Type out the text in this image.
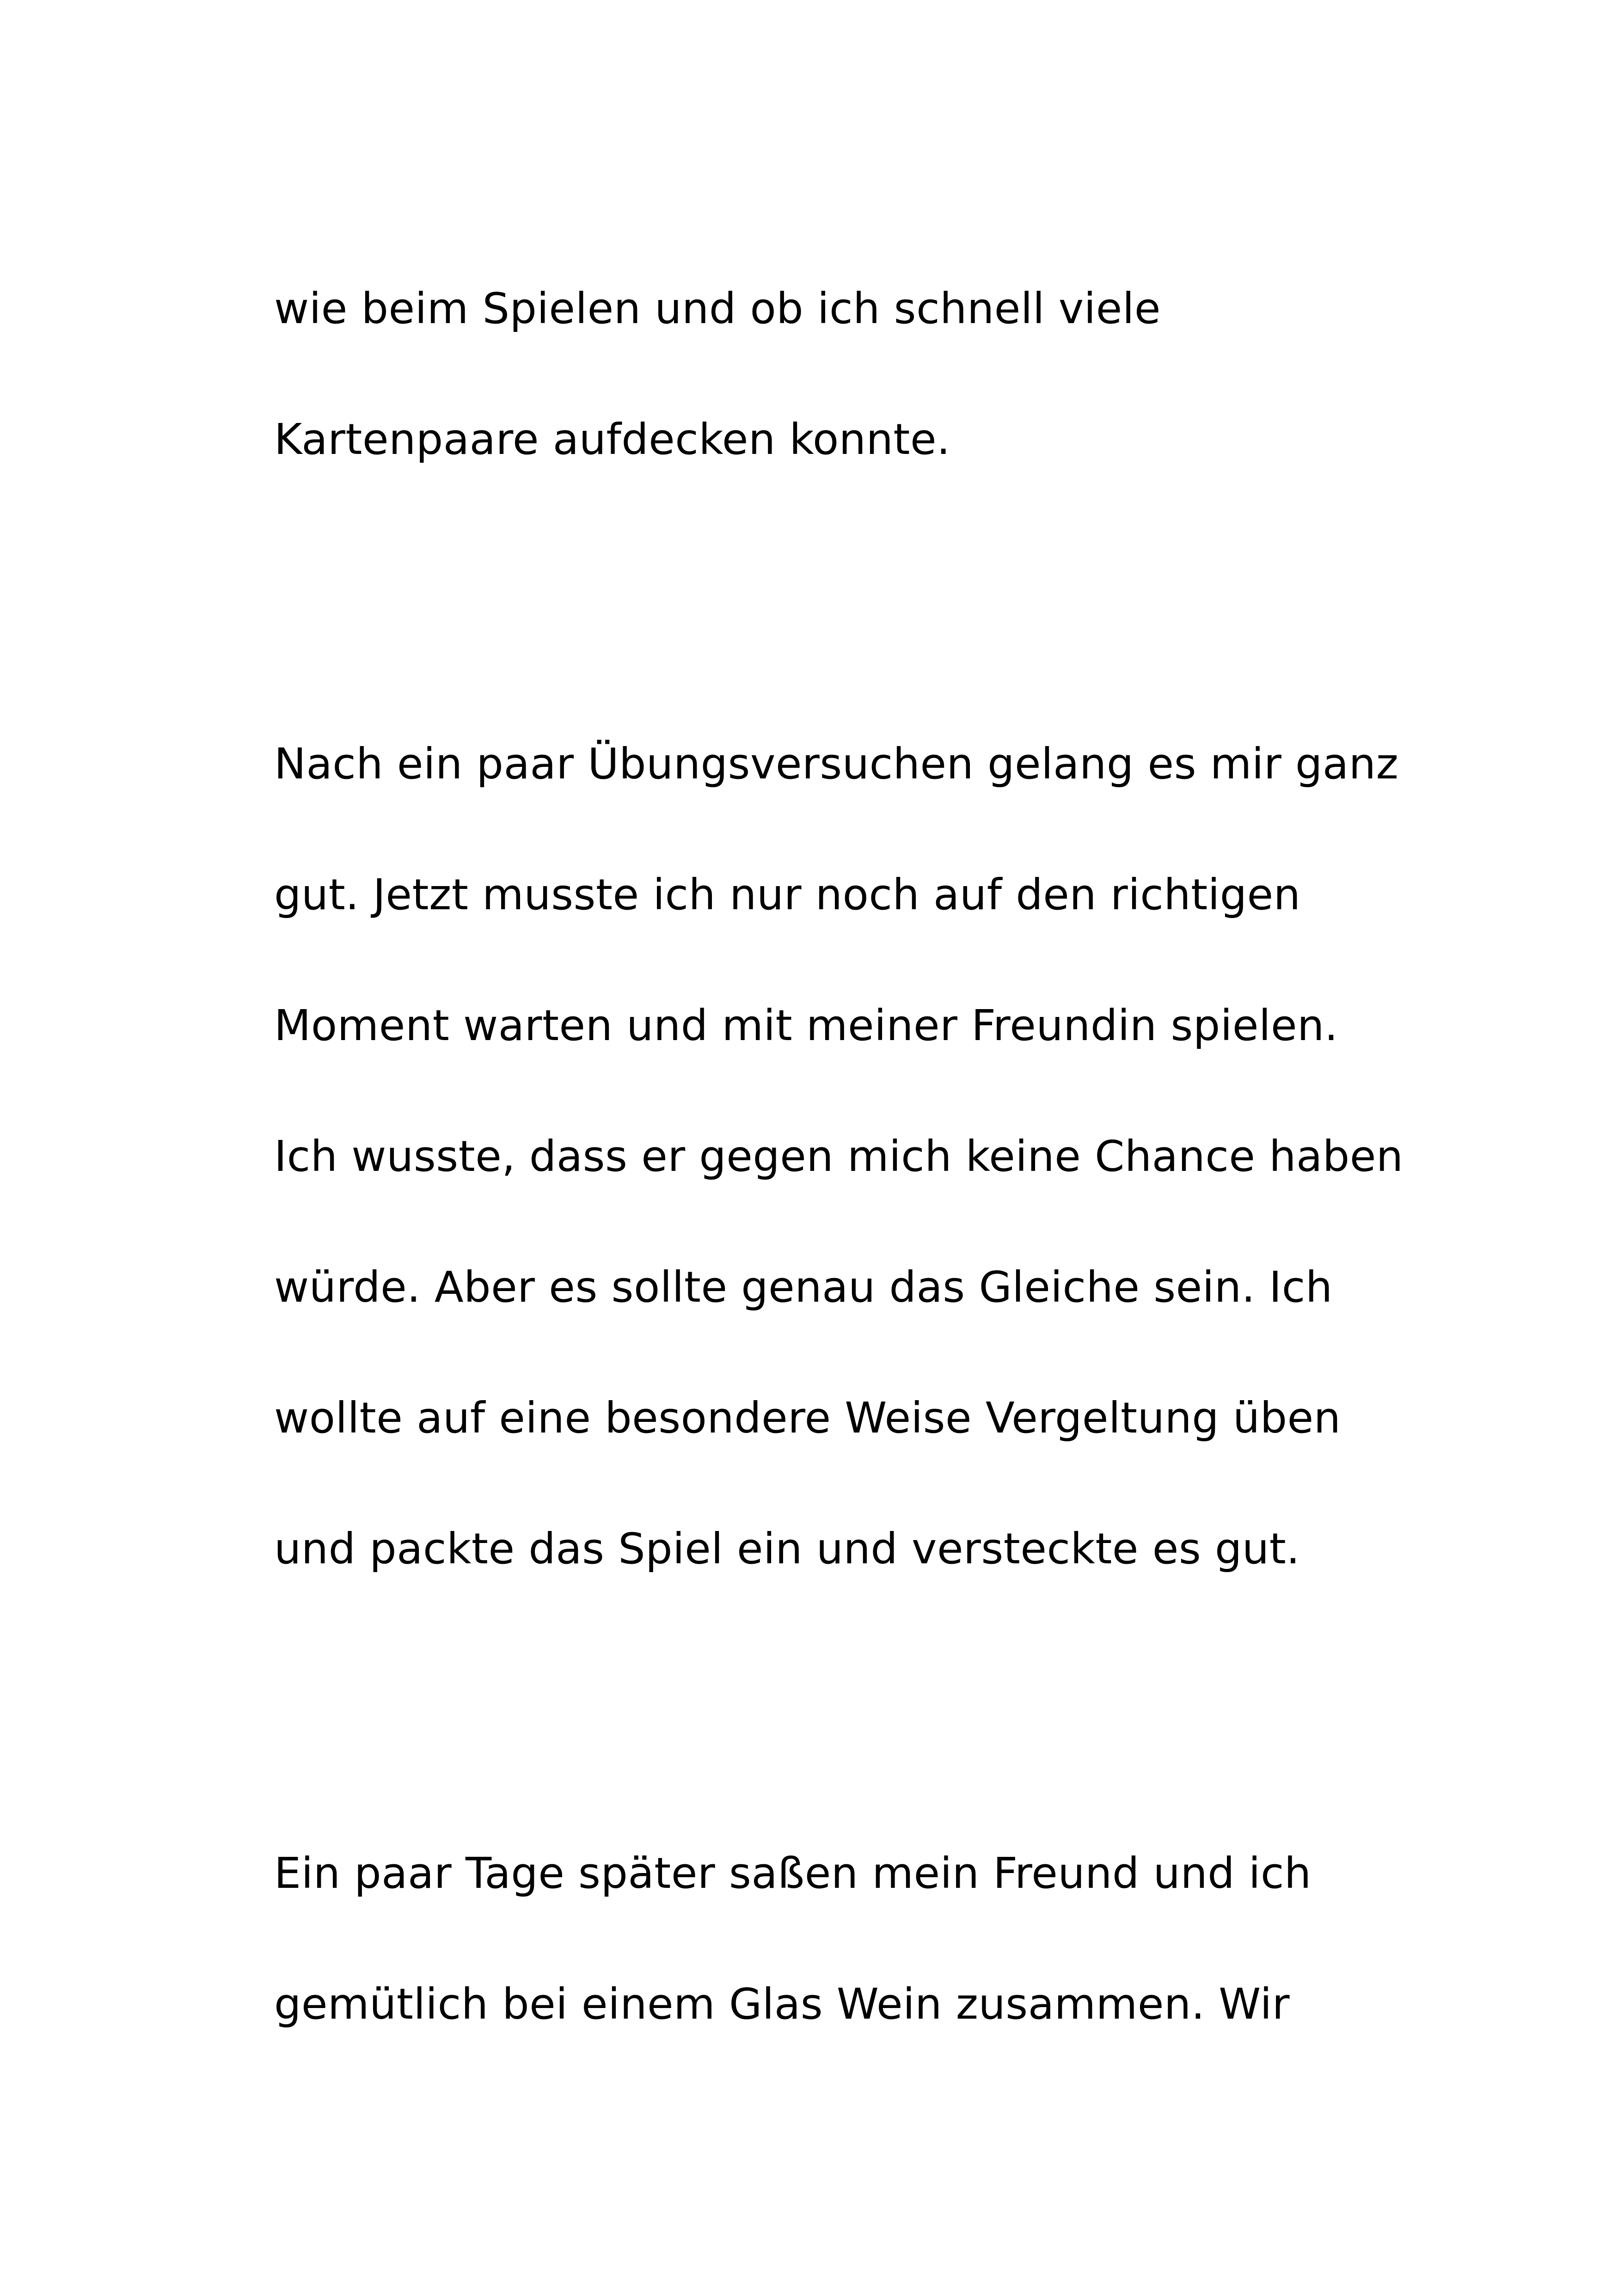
wie beim Spielen und ob ich schnell viele

Kartenpaare aufdecken konnte.

Nach ein paar Übungsversuchen gelang es mir ganz

gut. Jetzt musste ich nur noch auf den richtigen

Moment warten und mit meiner Freundin spielen.

Ich wusste, dass er gegen mich keine Chance haben

würde. Aber es sollte genau das Gleiche sein. Ich

wollte auf eine besondere Weise Vergeltung üben

und packte das Spiel ein und versteckte es gut.

Ein paar Tage später saßen mein Freund und ich

gemütlich bei einem Glas Wein zusammen. Wir
